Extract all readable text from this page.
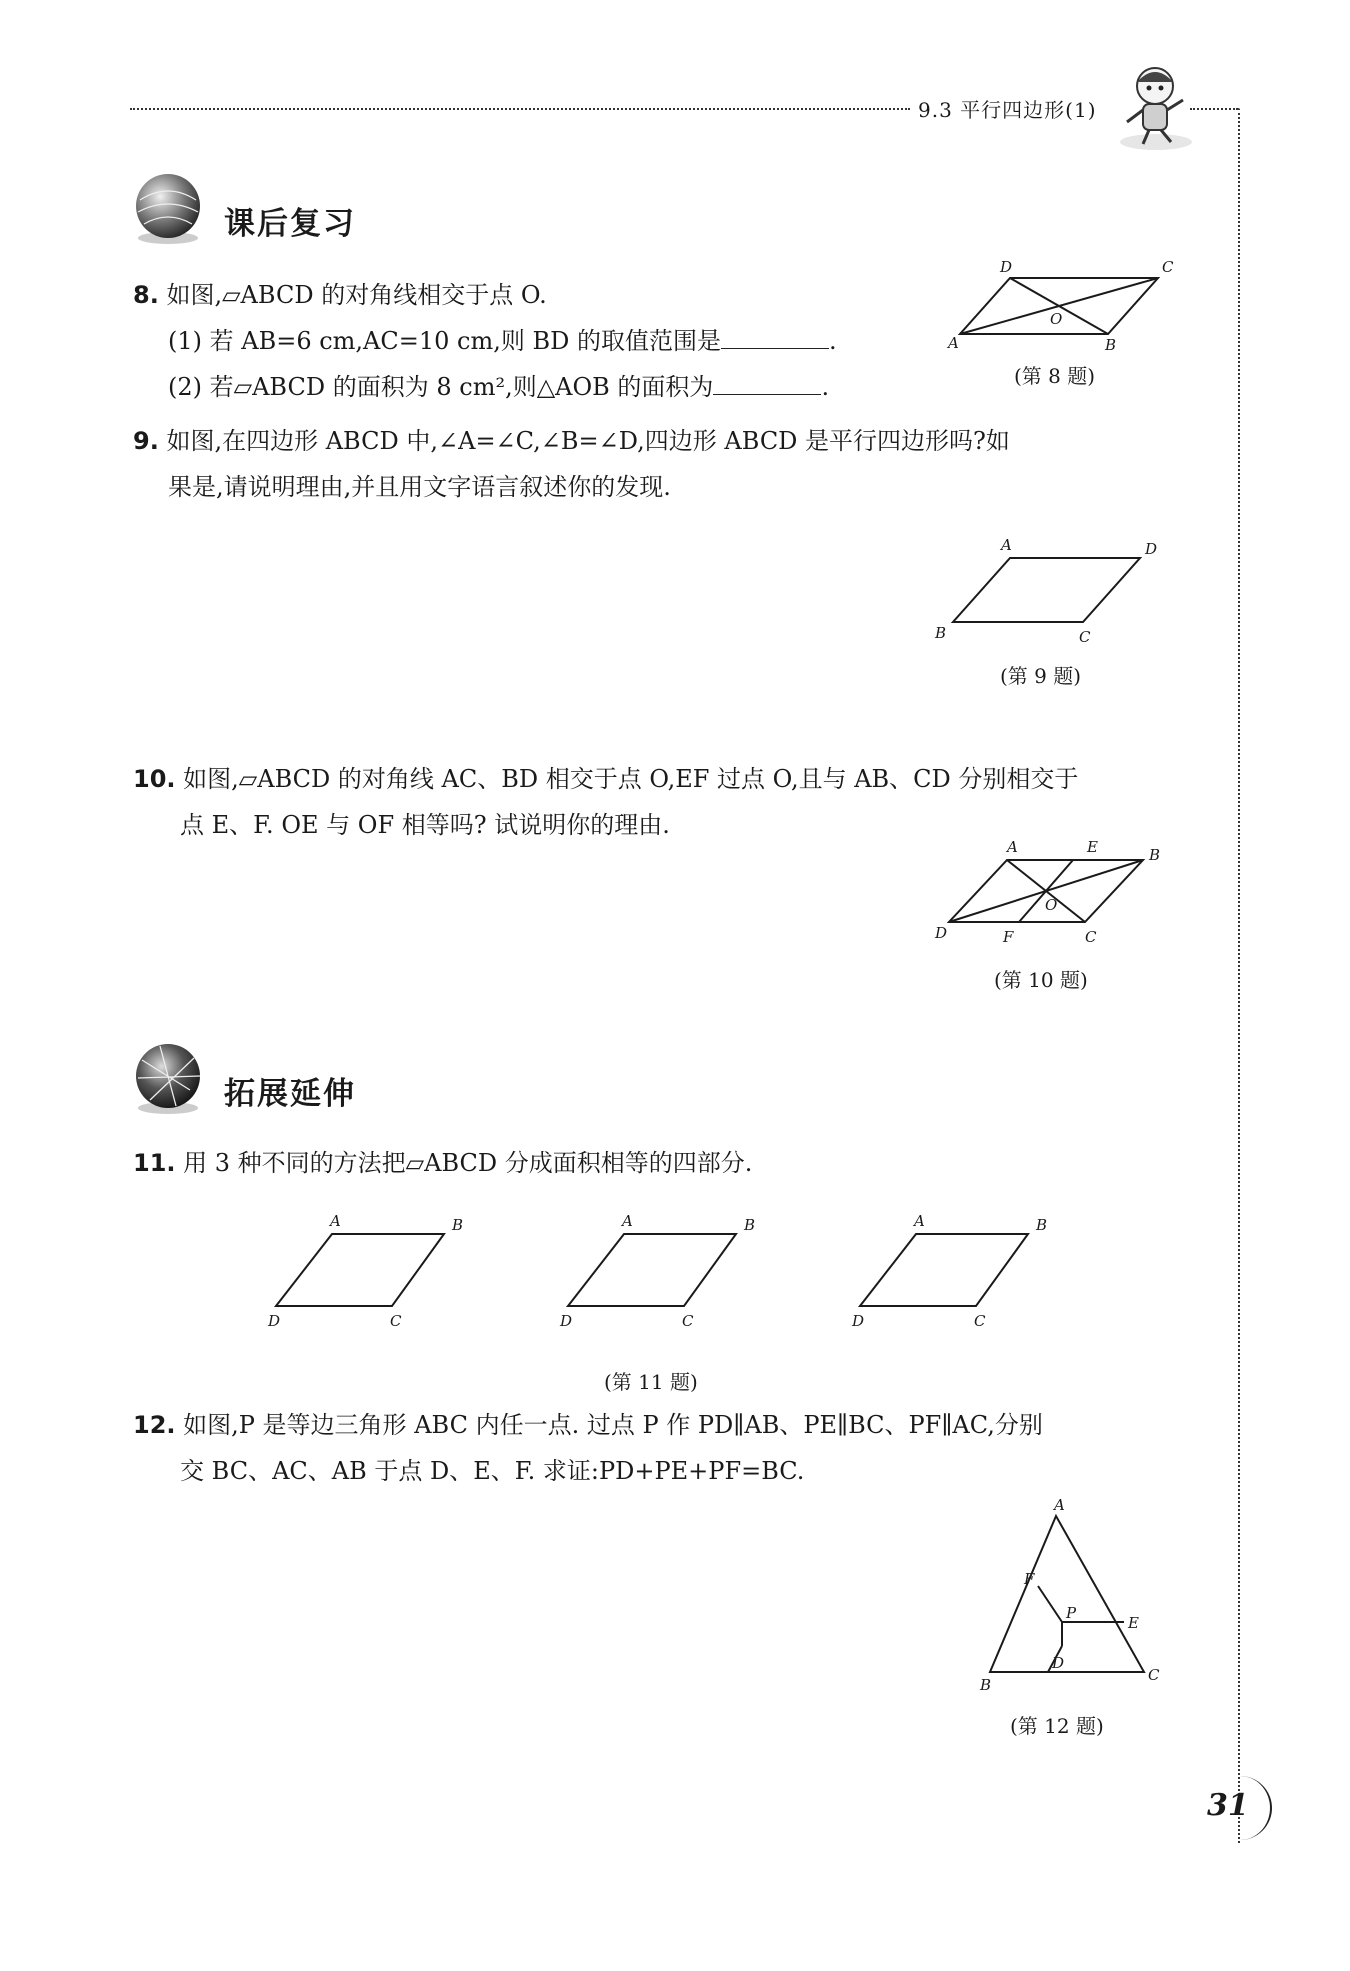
9.3 平行四边形(1)
课后复习
8. 如图,▱ABCD 的对角线相交于点 O.
(1) 若 AB=6 cm,AC=10 cm,则 BD 的取值范围是	.
(2) 若▱ABCD 的面积为 8 cm²,则△AOB 的面积为	.
D	C
O
A	B
(第 8 题)
9. 如图,在四边形 ABCD 中,∠A=∠C,∠B=∠D,四边形 ABCD 是平行四边形吗?如
果是,请说明理由,并且用文字语言叙述你的发现.
A	D
B	C
(第 9 题)
10. 如图,▱ABCD 的对角线 AC、BD 相交于点 O,EF 过点 O,且与 AB、CD 分别相交于
点 E、F. OE 与 OF 相等吗? 试说明你的理由.
A	E	B
O
D	F	C
(第 10 题)
拓展延伸
11. 用 3 种不同的方法把▱ABCD 分成面积相等的四部分.
A	B
D	C
A	B
D	C
A	B
D	C
(第 11 题)
12. 如图,P 是等边三角形 ABC 内任一点. 过点 P 作 PD∥AB、PE∥BC、PF∥AC,分别
交 BC、AC、AB 于点 D、E、F. 求证:PD+PE+PF=BC.
A
F
P
E
B
D
C
(第 12 题)
31
